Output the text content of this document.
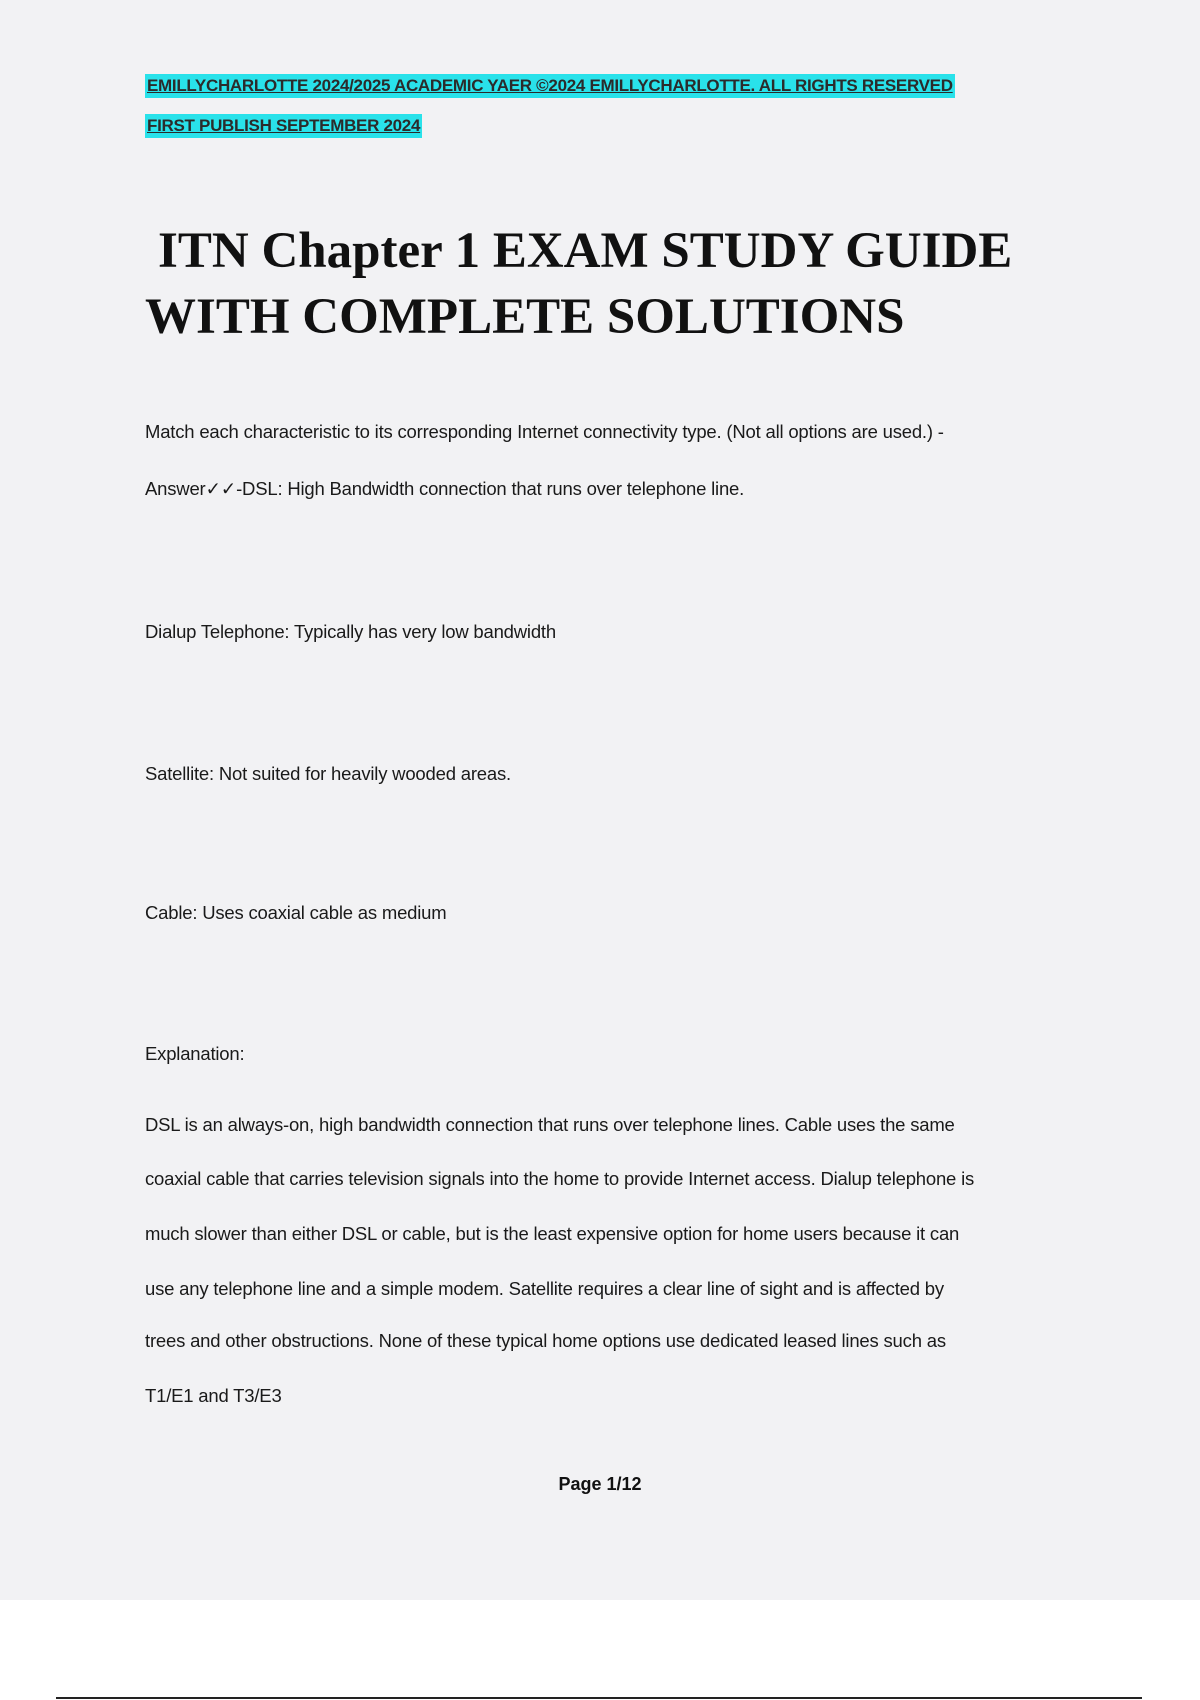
EMILLYCHARLOTTE 2024/2025 ACADEMIC YAER ©2024 EMILLYCHARLOTTE. ALL RIGHTS RESERVED
FIRST PUBLISH SEPTEMBER 2024
ITN Chapter 1 EXAM STUDY GUIDE
WITH COMPLETE SOLUTIONS
Match each characteristic to its corresponding Internet connectivity type. (Not all options are used.) -
Answer✓✓-DSL: High Bandwidth connection that runs over telephone line.
Dialup Telephone: Typically has very low bandwidth
Satellite: Not suited for heavily wooded areas.
Cable: Uses coaxial cable as medium
Explanation:
DSL is an always-on, high bandwidth connection that runs over telephone lines. Cable uses the same
coaxial cable that carries television signals into the home to provide Internet access. Dialup telephone is
much slower than either DSL or cable, but is the least expensive option for home users because it can
use any telephone line and a simple modem. Satellite requires a clear line of sight and is affected by
trees and other obstructions. None of these typical home options use dedicated leased lines such as
T1/E1 and T3/E3
Page 1/12
